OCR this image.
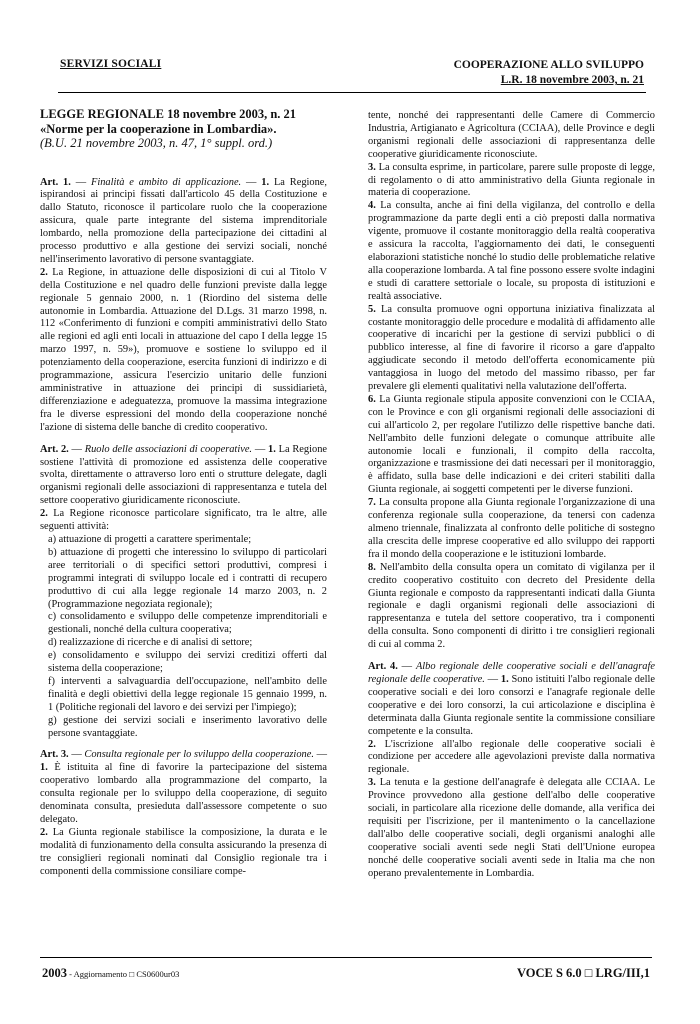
SERVIZI SOCIALI	COOPERAZIONE ALLO SVILUPPO
L.R. 18 novembre 2003, n. 21

LEGGE REGIONALE 18 novembre 2003, n. 21

«Norme per la cooperazione in Lombardia».

(B.U. 21 novembre 2003, n. 47, 1° suppl. ord.)

Art. 1. — Finalità e ambito di applicazione. — 1. La Regione, ispirandosi ai principi fissati dall'articolo 45 della Costituzione e dallo Statuto, riconosce il particolare ruolo che la cooperazione assicura, quale parte integrante del sistema imprenditoriale lombardo, nella promozione della partecipazione dei cittadini al processo produttivo e alla gestione dei servizi sociali, nonché nell'inserimento lavorativo di persone svantaggiate.

2. La Regione, in attuazione delle disposizioni di cui al Titolo V della Costituzione e nel quadro delle funzioni previste dalla legge regionale 5 gennaio 2000, n. 1 (Riordino del sistema delle autonomie in Lombardia. Attuazione del D.Lgs. 31 marzo 1998, n. 112 «Conferimento di funzioni e compiti amministrativi dello Stato alle regioni ed agli enti locali in attuazione del capo I della legge 15 marzo 1997, n. 59»), promuove e sostiene lo sviluppo ed il potenziamento della cooperazione, esercita funzioni di indirizzo e di programmazione, assicura l'esercizio unitario delle funzioni amministrative in attuazione dei principi di sussidiarietà, differenziazione e adeguatezza, promuove la massima integrazione fra le diverse espressioni del mondo della cooperazione nonché l'azione di sistema delle banche di credito cooperativo.

Art. 2. — Ruolo delle associazioni di cooperative. — 1. La Regione sostiene l'attività di promozione ed assistenza delle cooperative svolta, direttamente o attraverso loro enti o strutture delegate, dagli organismi regionali delle associazioni di rappresentanza e tutela del settore cooperativo giuridicamente riconosciute.

2. La Regione riconosce particolare significato, tra le altre, alle seguenti attività:

a) attuazione di progetti a carattere sperimentale;

b) attuazione di progetti che interessino lo sviluppo di particolari aree territoriali o di specifici settori produttivi, compresi i programmi integrati di sviluppo locale ed i contratti di recupero produttivo di cui alla legge regionale 14 marzo 2003, n. 2 (Programmazione negoziata regionale);

c) consolidamento e sviluppo delle competenze imprenditoriali e gestionali, nonché della cultura cooperativa;

d) realizzazione di ricerche e di analisi di settore;

e) consolidamento e sviluppo dei servizi creditizi offerti dal sistema della cooperazione;

f) interventi a salvaguardia dell'occupazione, nell'ambito delle finalità e degli obiettivi della legge regionale 15 gennaio 1999, n. 1 (Politiche regionali del lavoro e dei servizi per l'impiego);

g) gestione dei servizi sociali e inserimento lavorativo delle persone svantaggiate.

Art. 3. — Consulta regionale per lo sviluppo della cooperazione. — 1. È istituita al fine di favorire la partecipazione del sistema cooperativo lombardo alla programmazione del comparto, la consulta regionale per lo sviluppo della cooperazione, di seguito denominata consulta, presieduta dall'assessore competente o suo delegato.

2. La Giunta regionale stabilisce la composizione, la durata e le modalità di funzionamento della consulta assicurando la presenza di tre consiglieri regionali nominati dal Consiglio regionale tra i componenti della commissione consiliare compe-

tente, nonché dei rappresentanti delle Camere di Commercio Industria, Artigianato e Agricoltura (CCIAA), delle Province e degli organismi regionali delle associazioni di rappresentanza delle cooperative giuridicamente riconosciute.

3. La consulta esprime, in particolare, parere sulle proposte di legge, di regolamento o di atto amministrativo della Giunta regionale in materia di cooperazione.

4. La consulta, anche ai fini della vigilanza, del controllo e della programmazione da parte degli enti a ciò preposti dalla normativa vigente, promuove il costante monitoraggio della realtà cooperativa e assicura la raccolta, l'aggiornamento dei dati, le conseguenti elaborazioni statistiche nonché lo studio delle problematiche relative alla cooperazione lombarda. A tal fine possono essere svolte indagini e studi di carattere settoriale o locale, su proposta di istituzioni e realtà associative.

5. La consulta promuove ogni opportuna iniziativa finalizzata al costante monitoraggio delle procedure e modalità di affidamento alle cooperative di incarichi per la gestione di servizi pubblici o di pubblico interesse, al fine di favorire il ricorso a gare d'appalto aggiudicate secondo il metodo dell'offerta economicamente più vantaggiosa in luogo del metodo del massimo ribasso, per far prevalere gli elementi qualitativi nella valutazione dell'offerta.

6. La Giunta regionale stipula apposite convenzioni con le CCIAA, con le Province e con gli organismi regionali delle associazioni di cui all'articolo 2, per regolare l'utilizzo delle rispettive banche dati. Nell'ambito delle funzioni delegate o comunque attribuite alle autonomie locali e funzionali, il compito della raccolta, organizzazione e trasmissione dei dati necessari per il monitoraggio, è affidato, sulla base delle indicazioni e dei criteri stabiliti dalla Giunta regionale, ai soggetti competenti per le diverse funzioni.

7. La consulta propone alla Giunta regionale l'organizzazione di una conferenza regionale sulla cooperazione, da tenersi con cadenza almeno triennale, finalizzata al confronto delle politiche di sostegno alla crescita delle imprese cooperative ed allo sviluppo dei rapporti fra il mondo della cooperazione e le istituzioni lombarde.

8. Nell'ambito della consulta opera un comitato di vigilanza per il credito cooperativo costituito con decreto del Presidente della Giunta regionale e composto da rappresentanti indicati dalla Giunta regionale e dagli organismi regionali delle associazioni di rappresentanza e tutela del settore cooperativo, tra i componenti della consulta. Sono componenti di diritto i tre consiglieri regionali di cui al comma 2.

Art. 4. — Albo regionale delle cooperative sociali e dell'anagrafe regionale delle cooperative. — 1. Sono istituiti l'albo regionale delle cooperative sociali e dei loro consorzi e l'anagrafe regionale delle cooperative e dei loro consorzi, la cui articolazione e disciplina è determinata dalla Giunta regionale sentite la commissione consiliare competente e la consulta.

2. L'iscrizione all'albo regionale delle cooperative sociali è condizione per accedere alle agevolazioni previste dalla normativa regionale.

3. La tenuta e la gestione dell'anagrafe è delegata alle CCIAA. Le Province provvedono alla gestione dell'albo delle cooperative sociali, in particolare alla ricezione delle domande, alla verifica dei requisiti per l'iscrizione, per il mantenimento o la cancellazione dall'albo delle cooperative sociali, degli organismi analoghi alle cooperative sociali aventi sede negli Stati dell'Unione europea nonché delle cooperative sociali aventi sede in Italia ma che non operano prevalentemente in Lombardia.

2003 - Aggiornamento □ CS0600ur03	VOCE S 6.0 □ LRG/III,1
